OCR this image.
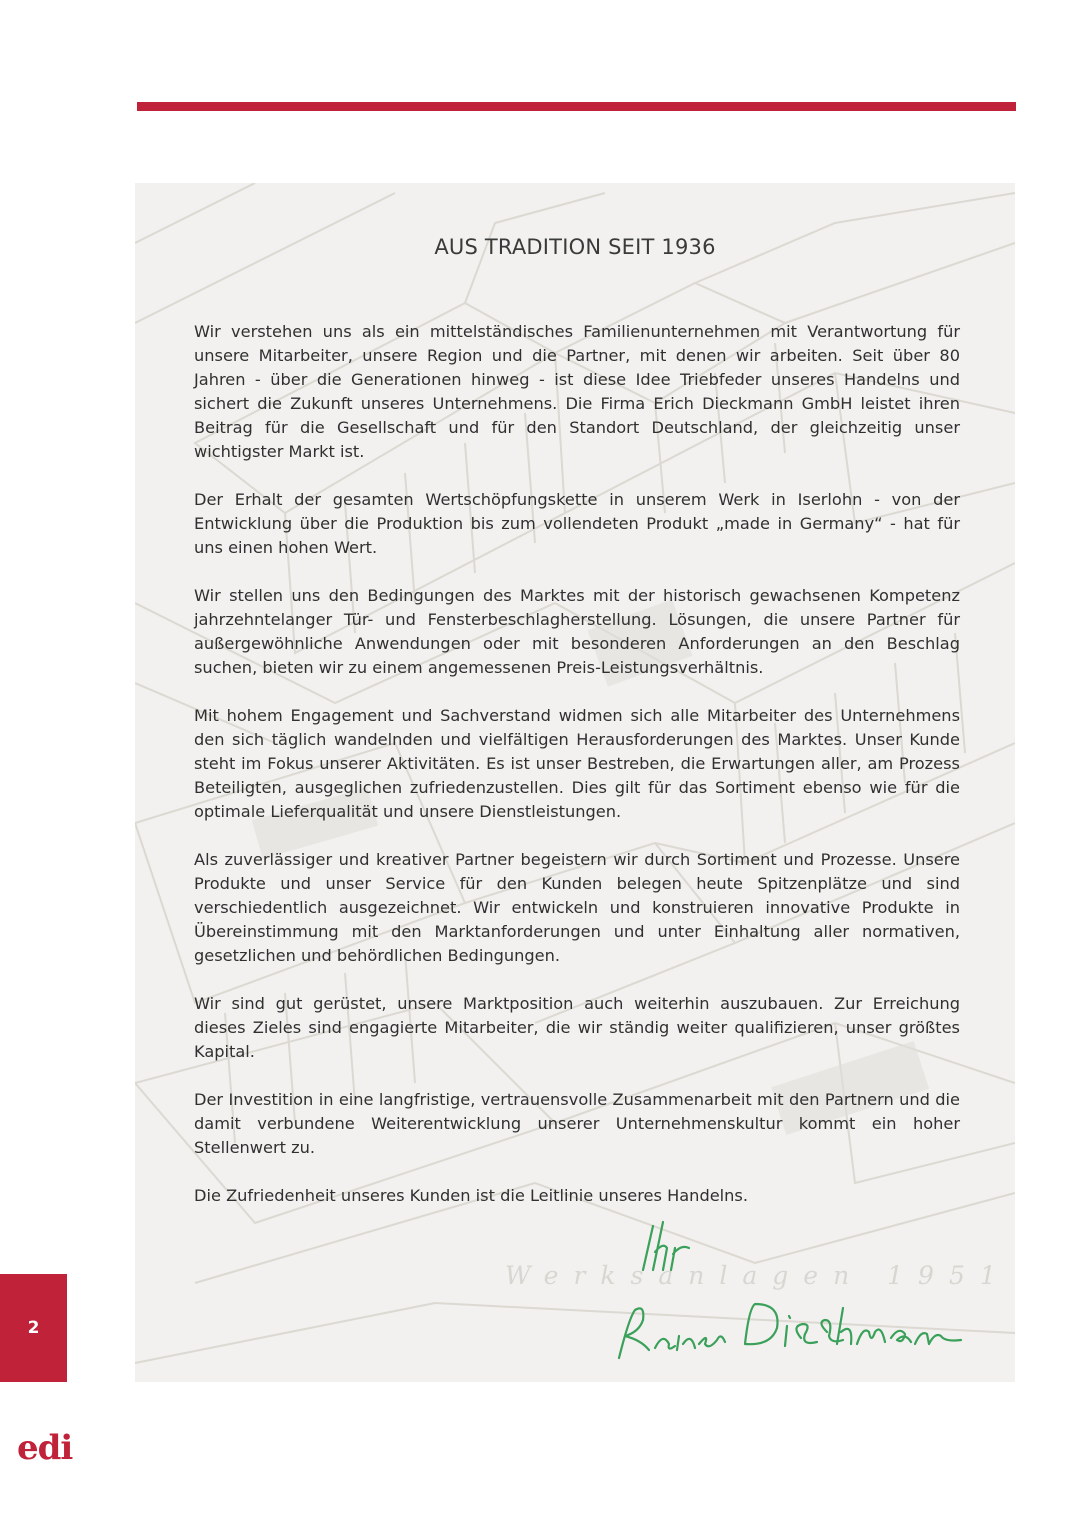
AUS TRADITION SEIT 1936

Wir verstehen uns als ein mittelständisches Familienunternehmen mit Verantwortung für unsere Mitarbeiter, unsere Region und die Partner, mit denen wir arbeiten. Seit über 80 Jahren - über die Generationen hinweg - ist diese Idee Triebfeder unseres Handelns und sichert die Zukunft unseres Unternehmens. Die Firma Erich Dieckmann GmbH leistet ihren Beitrag für die Gesellschaft und für den Standort Deutschland, der gleichzeitig unser wichtigster Markt ist.

Der Erhalt der gesamten Wertschöpfungskette in unserem Werk in Iserlohn - von der Entwicklung über die Produktion bis zum vollendeten Produkt „made in Germany“ - hat für uns einen hohen Wert.

Wir stellen uns den Bedingungen des Marktes mit der historisch gewachsenen Kompetenz jahrzehntelanger Tür- und Fensterbeschlagherstellung. Lösungen, die unsere Partner für außergewöhnliche Anwendungen oder mit besonderen Anforderungen an den Beschlag suchen, bieten wir zu einem angemessenen Preis-Leistungsverhältnis.

Mit hohem Engagement und Sachverstand widmen sich alle Mitarbeiter des Unternehmens den sich täglich wandelnden und vielfältigen Herausforderungen des Marktes. Unser Kunde steht im Fokus unserer Aktivitäten. Es ist unser Bestreben, die Erwartungen aller, am Prozess Beteiligten, ausgeglichen zufriedenzustellen. Dies gilt für das Sortiment ebenso wie für die optimale Lieferqualität und unsere Dienstleistungen.

Als zuverlässiger und kreativer Partner begeistern wir durch Sortiment und Prozesse. Unsere Produkte und unser Service für den Kunden belegen heute Spitzenplätze und sind verschiedentlich ausgezeichnet. Wir entwickeln und konstruieren innovative Produkte in Übereinstimmung mit den Marktanforderungen und unter Einhaltung aller normativen, gesetzlichen und behördlichen Bedingungen.

Wir sind gut gerüstet, unsere Marktposition auch weiterhin auszubauen. Zur Erreichung dieses Zieles sind engagierte Mitarbeiter, die wir ständig weiter qualifizieren, unser größtes Kapital.

Der Investition in eine langfristige, vertrauensvolle Zusammenarbeit mit den Partnern und die damit verbundene Weiterentwicklung unserer Unternehmenskultur kommt ein hoher Stellenwert zu.

Die Zufriedenheit unseres Kunden ist die Leitlinie unseres Handelns.

Werksanlagen 1951
2
edi
